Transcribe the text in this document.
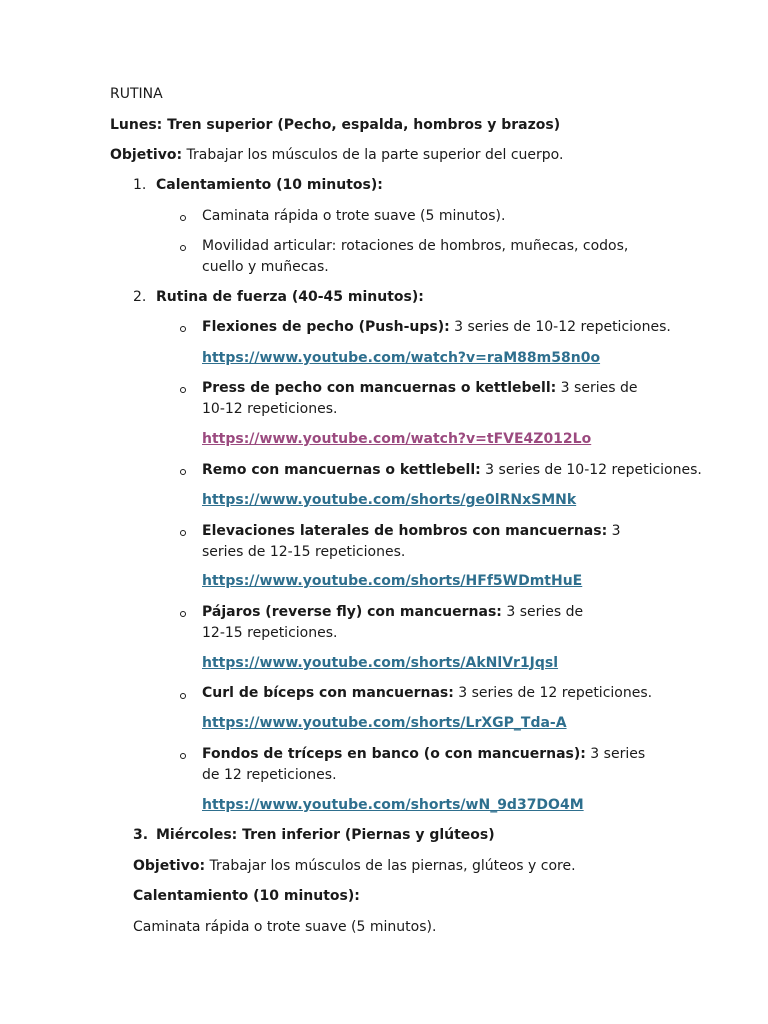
RUTINA
Lunes: Tren superior (Pecho, espalda, hombros y brazos)
Objetivo: Trabajar los músculos de la parte superior del cuerpo.
1. Calentamiento (10 minutos):
Caminata rápida o trote suave (5 minutos).
Movilidad articular: rotaciones de hombros, muñecas, codos, cuello y muñecas.
2. Rutina de fuerza (40-45 minutos):
Flexiones de pecho (Push-ups): 3 series de 10-12 repeticiones.
https://www.youtube.com/watch?v=raM88m58n0o
Press de pecho con mancuernas o kettlebell: 3 series de 10-12 repeticiones.
https://www.youtube.com/watch?v=tFVE4Z012Lo
Remo con mancuernas o kettlebell: 3 series de 10-12 repeticiones.
https://www.youtube.com/shorts/ge0lRNxSMNk
Elevaciones laterales de hombros con mancuernas: 3 series de 12-15 repeticiones.
https://www.youtube.com/shorts/HFf5WDmtHuE
Pájaros (reverse fly) con mancuernas: 3 series de 12-15 repeticiones.
https://www.youtube.com/shorts/AkNlVr1Jqsl
Curl de bíceps con mancuernas: 3 series de 12 repeticiones.
https://www.youtube.com/shorts/LrXGP_Tda-A
Fondos de tríceps en banco (o con mancuernas): 3 series de 12 repeticiones.
https://www.youtube.com/shorts/wN_9d37DO4M
3. Miércoles: Tren inferior (Piernas y glúteos)
Objetivo: Trabajar los músculos de las piernas, glúteos y core.
Calentamiento (10 minutos):
Caminata rápida o trote suave (5 minutos).
